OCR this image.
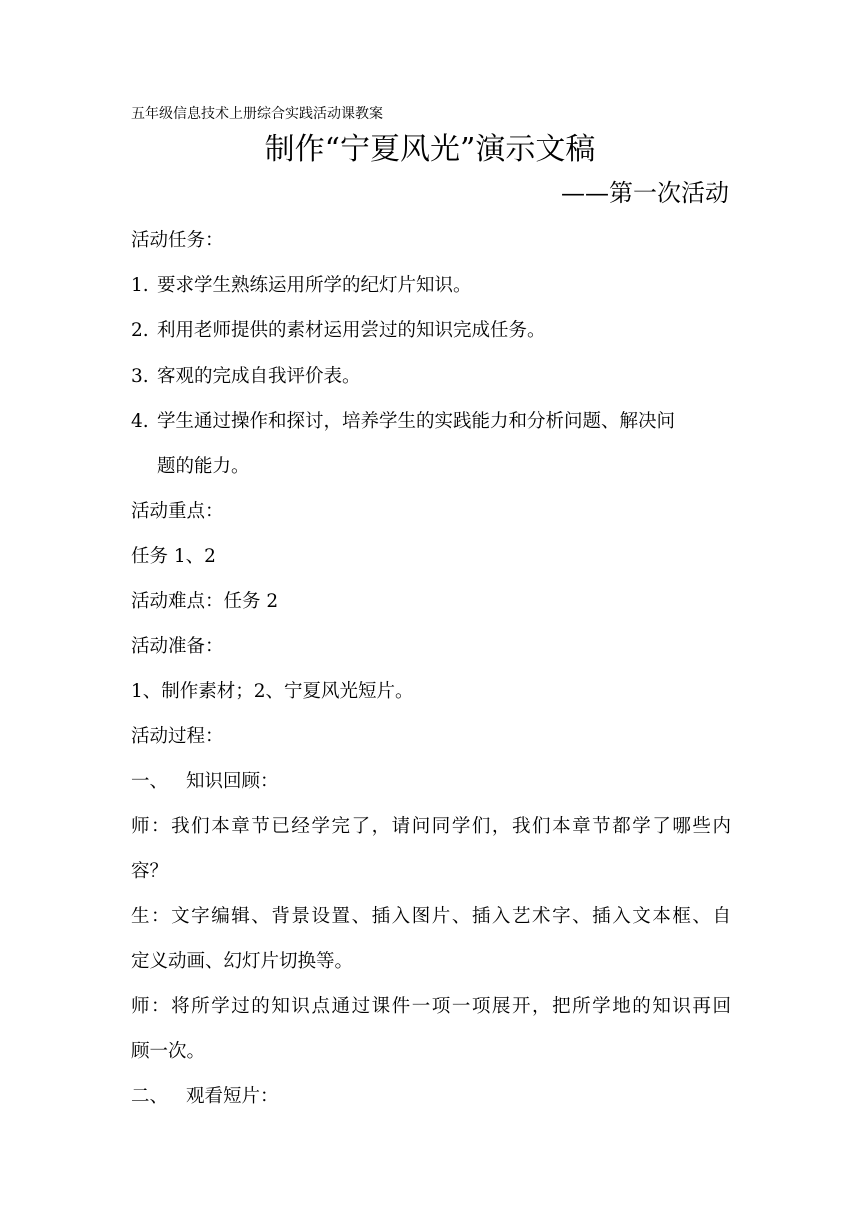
五年级信息技术上册综合实践活动课教案
制作“宁夏风光”演示文稿
——第一次活动
活动任务：
1. 要求学生熟练运用所学的纪灯片知识。
2. 利用老师提供的素材运用尝过的知识完成任务。
3. 客观的完成自我评价表。
4. 学生通过操作和探讨，培养学生的实践能力和分析问题、解决问
题的能力。
活动重点：
任务 1、2
活动难点：任务 2
活动准备：
1、制作素材；2、宁夏风光短片。
活动过程：
一、 知识回顾：
师：我们本章节已经学完了，请问同学们，我们本章节都学了哪些内
容？
生：文字编辑、背景设置、插入图片、插入艺术字、插入文本框、自
定义动画、幻灯片切换等。
师：将所学过的知识点通过课件一项一项展开，把所学地的知识再回
顾一次。
二、 观看短片：
